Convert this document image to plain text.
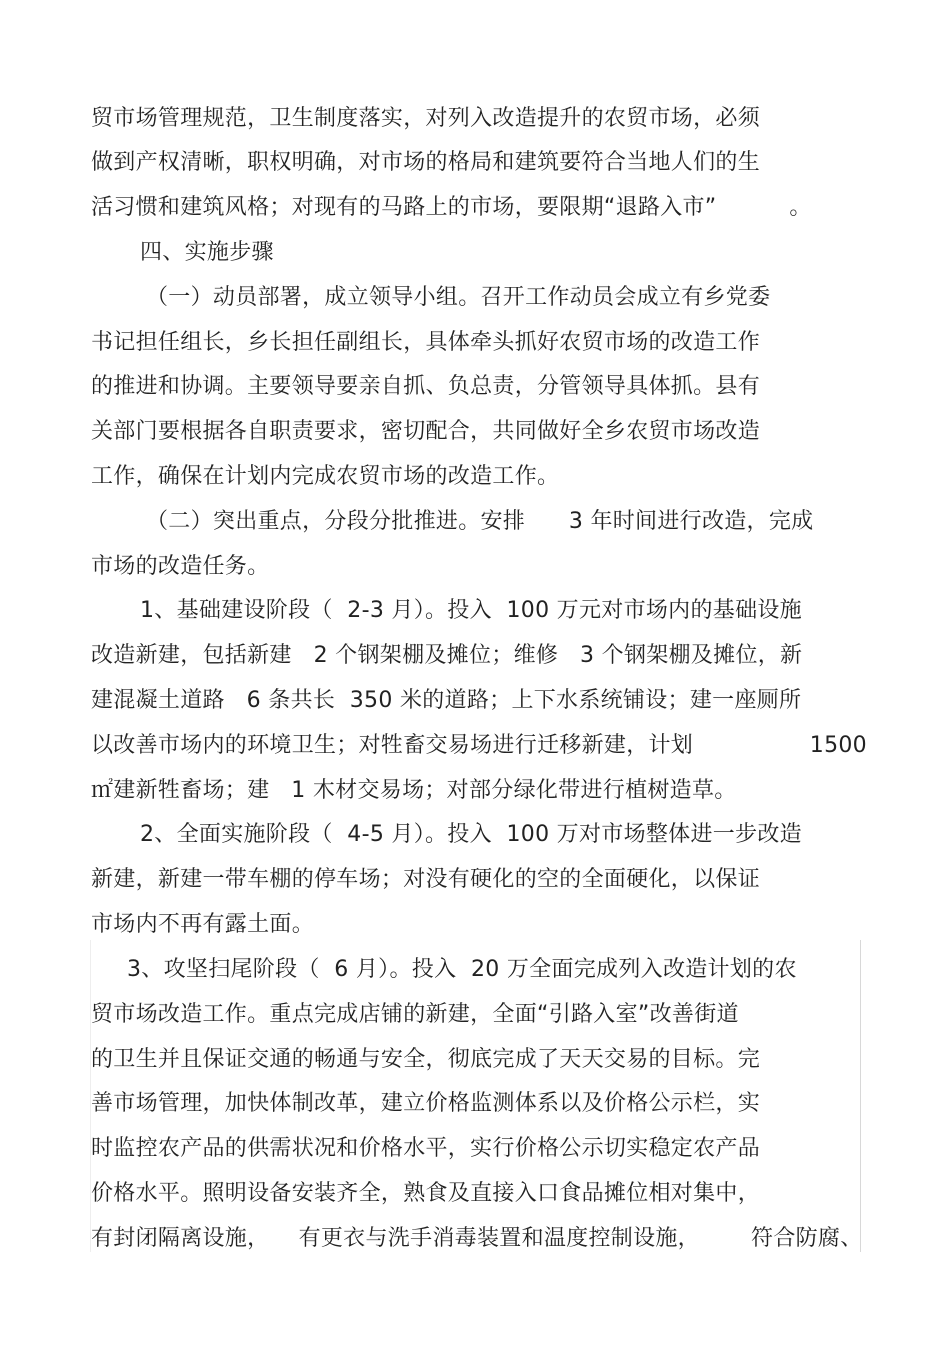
贸市场管理规范，卫生制度落实，对列入改造提升的农贸市场，必须
做到产权清晰，职权明确，对市场的格局和建筑要符合当地人们的生
活习惯和建筑风格；对现有的马路上的市场，要限期“退路入市”          。
四、实施步骤
（一）动员部署，成立领导小组。召开工作动员会成立有乡党委
书记担任组长，乡长担任副组长，具体牵头抓好农贸市场的改造工作
的推进和协调。主要领导要亲自抓、负总责，分管领导具体抓。县有
关部门要根据各自职责要求，密切配合，共同做好全乡农贸市场改造
工作，确保在计划内完成农贸市场的改造工作。
（二）突出重点，分段分批推进。安排      3 年时间进行改造，完成
市场的改造任务。
1、基础建设阶段（  2-3 月）。投入  100 万元对市场内的基础设施
改造新建，包括新建   2 个钢架棚及摊位；维修   3 个钢架棚及摊位，新
建混凝土道路   6 条共长  350 米的道路；上下水系统铺设；建一座厕所
以改善市场内的环境卫生；对牲畜交易场进行迁移新建，计划                1500
㎡建新牲畜场；建   1 木材交易场；对部分绿化带进行植树造草。
2、全面实施阶段（  4-5 月）。投入  100 万对市场整体进一步改造
新建，新建一带车棚的停车场；对没有硬化的空的全面硬化，以保证
市场内不再有露土面。
3、攻坚扫尾阶段（  6 月）。投入  20 万全面完成列入改造计划的农
贸市场改造工作。重点完成店铺的新建，全面“引路入室”改善街道
的卫生并且保证交通的畅通与安全，彻底完成了天天交易的目标。完
善市场管理，加快体制改革，建立价格监测体系以及价格公示栏，实
时监控农产品的供需状况和价格水平，实行价格公示切实稳定农产品
价格水平。照明设备安装齐全，熟食及直接入口食品摊位相对集中，
有封闭隔离设施，    有更衣与洗手消毒装置和温度控制设施，       符合防腐、
